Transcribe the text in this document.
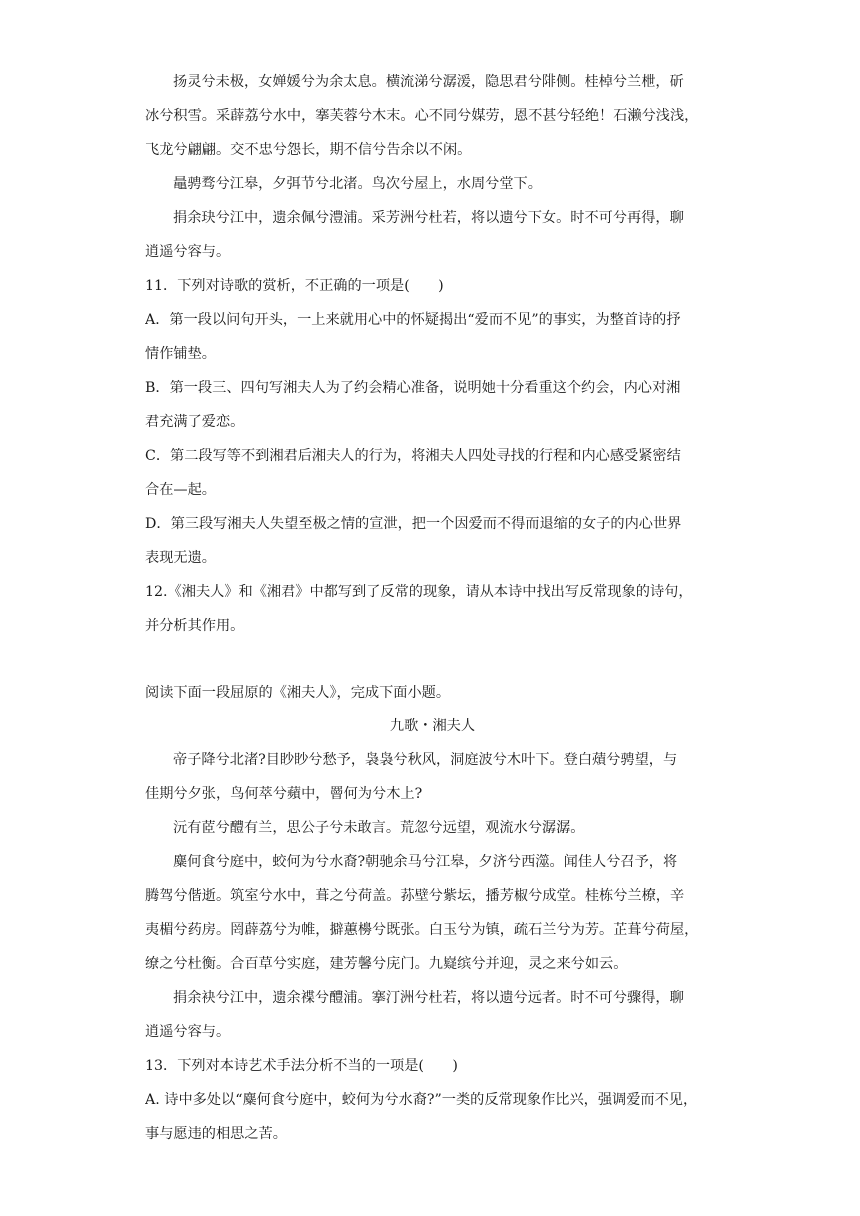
扬灵兮未极，女婵媛兮为余太息。横流涕兮潺湲，隐思君兮陫侧。桂棹兮兰枻，斫
冰兮积雪。采薜荔兮水中，搴芙蓉兮木末。心不同兮媒劳，恩不甚兮轻绝！石濑兮浅浅，
飞龙兮翩翩。交不忠兮怨长，期不信兮告余以不闲。
鼂骋骛兮江皋，夕弭节兮北渚。鸟次兮屋上，水周兮堂下。
捐余玦兮江中，遗余佩兮澧浦。采芳洲兮杜若，将以遗兮下女。时不可兮再得，聊
逍遥兮容与。
11．下列对诗歌的赏析，不正确的一项是(　　)
A．第一段以问句开头，一上来就用心中的怀疑揭出“爱而不见”的事实，为整首诗的抒
情作铺垫。
B．第一段三、四句写湘夫人为了约会精心准备，说明她十分看重这个约会，内心对湘
君充满了爱恋。
C．第二段写等不到湘君后湘夫人的行为，将湘夫人四处寻找的行程和内心感受紧密结
合在—起。
D．第三段写湘夫人失望至极之情的宣泄，把一个因爱而不得而退缩的女子的内心世界
表现无遗。
12.《湘夫人》和《湘君》中都写到了反常的现象，请从本诗中找出写反常现象的诗句，
并分析其作用。
阅读下面一段屈原的《湘夫人》，完成下面小题。
九歌・湘夫人
帝子降兮北渚?目眇眇兮愁予，袅袅兮秋风，洞庭波兮木叶下。登白薠兮骋望，与
佳期兮夕张，鸟何萃兮蘋中，罾何为兮木上?
沅有茝兮醴有兰，思公子兮未敢言。荒忽兮远望，观流水兮潺潺。
麋何食兮庭中，蛟何为兮水裔?朝驰余马兮江皋，夕济兮西澨。闻佳人兮召予，将
腾驾兮偕逝。筑室兮水中，葺之兮荷盖。荪壁兮紫坛，播芳椒兮成堂。桂栋兮兰橑，辛
夷楣兮药房。罔薜荔兮为帷，擗蕙櫋兮既张。白玉兮为镇，疏石兰兮为芳。芷葺兮荷屋，
缭之兮杜衡。合百草兮实庭，建芳馨兮庑门。九嶷缤兮并迎，灵之来兮如云。
捐余袂兮江中，遗余褋兮醴浦。搴汀洲兮杜若，将以遗兮远者。时不可兮骤得，聊
逍遥兮容与。
13．下列对本诗艺术手法分析不当的一项是(　　)
A. 诗中多处以“麋何食兮庭中，蛟何为兮水裔?”一类的反常现象作比兴，强调爱而不见，
事与愿违的相思之苦。
